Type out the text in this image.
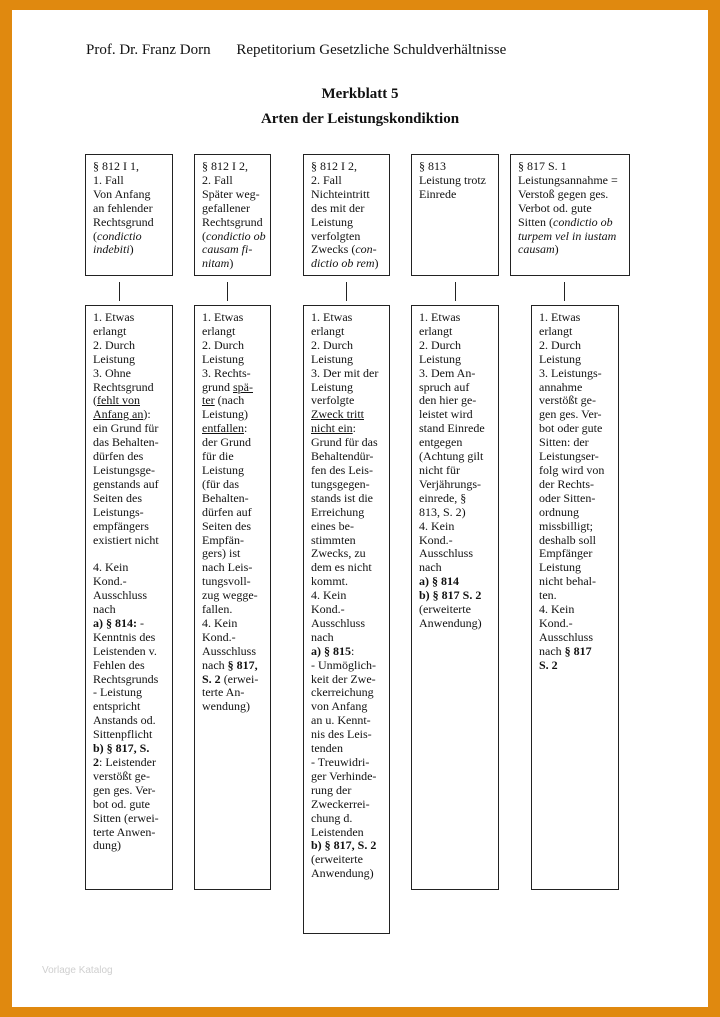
Prof. Dr. Franz Dorn Repetitorium Gesetzliche Schuldverhältnisse
Merkblatt 5
Arten der Leistungskondiktion
§ 812 I 1,
1. Fall
Von Anfang
an fehlender
Rechtsgrund
(condictio
indebiti)
§ 812 I 2,
2. Fall
Später weg-
gefallener
Rechtsgrund
(condictio ob
causam fi-
nitam)
§ 812 I 2,
2. Fall
Nichteintritt
des mit der
Leistung
verfolgten
Zwecks (con-
dictio ob rem)
§ 813
Leistung trotz
Einrede
§ 817 S. 1
Leistungsannahme =
Verstoß gegen ges.
Verbot od. gute
Sitten (condictio ob
turpem vel in iustam
causam)
1. Etwas
erlangt
2. Durch
Leistung
3. Ohne
Rechtsgrund
(fehlt von
Anfang an):
ein Grund für
das Behalten-
dürfen des
Leistungsge-
genstands auf
Seiten des
Leistungs-
empfängers
existiert nicht
4. Kein
Kond.-
Ausschluss
nach
a) § 814: -
Kenntnis des
Leistenden v.
Fehlen des
Rechtsgrunds
- Leistung
entspricht
Anstands od.
Sittenpflicht
b) § 817, S.
2: Leistender
verstößt ge-
gen ges. Ver-
bot od. gute
Sitten (erwei-
terte Anwen-
dung)
1. Etwas
erlangt
2. Durch
Leistung
3. Rechts-
grund spä-
ter (nach
Leistung)
entfallen:
der Grund
für die
Leistung
(für das
Behalten-
dürfen auf
Seiten des
Empfän-
gers) ist
nach Leis-
tungsvoll-
zug wegge-
fallen.
4. Kein
Kond.-
Ausschluss
nach § 817,
S. 2 (erwei-
terte An-
wendung)
1. Etwas
erlangt
2. Durch
Leistung
3. Der mit der
Leistung
verfolgte
Zweck tritt
nicht ein:
Grund für das
Behaltendür-
fen des Leis-
tungsgegen-
stands ist die
Erreichung
eines be-
stimmten
Zwecks, zu
dem es nicht
kommt.
4. Kein
Kond.-
Ausschluss
nach
a) § 815:
- Unmöglich-
keit der Zwe-
ckerreichung
von Anfang
an u. Kennt-
nis des Leis-
tenden
- Treuwidri-
ger Verhinde-
rung der
Zweckerrei-
chung d.
Leistenden
b) § 817, S. 2
(erweiterte
Anwendung)
1. Etwas
erlangt
2. Durch
Leistung
3. Dem An-
spruch auf
den hier ge-
leistet wird
stand Einrede
entgegen
(Achtung gilt
nicht für
Verjährungs-
einrede, §
813, S. 2)
4. Kein
Kond.-
Ausschluss
nach
a) § 814
b) § 817 S. 2
(erweiterte
Anwendung)
1. Etwas
erlangt
2. Durch
Leistung
3. Leistungs-
annahme
verstößt ge-
gen ges. Ver-
bot oder gute
Sitten: der
Leistungser-
folg wird von
der Rechts-
oder Sitten-
ordnung
missbilligt;
deshalb soll
Empfänger
Leistung
nicht behal-
ten.
4. Kein
Kond.-
Ausschluss
nach § 817
S. 2
Vorlage Katalog
